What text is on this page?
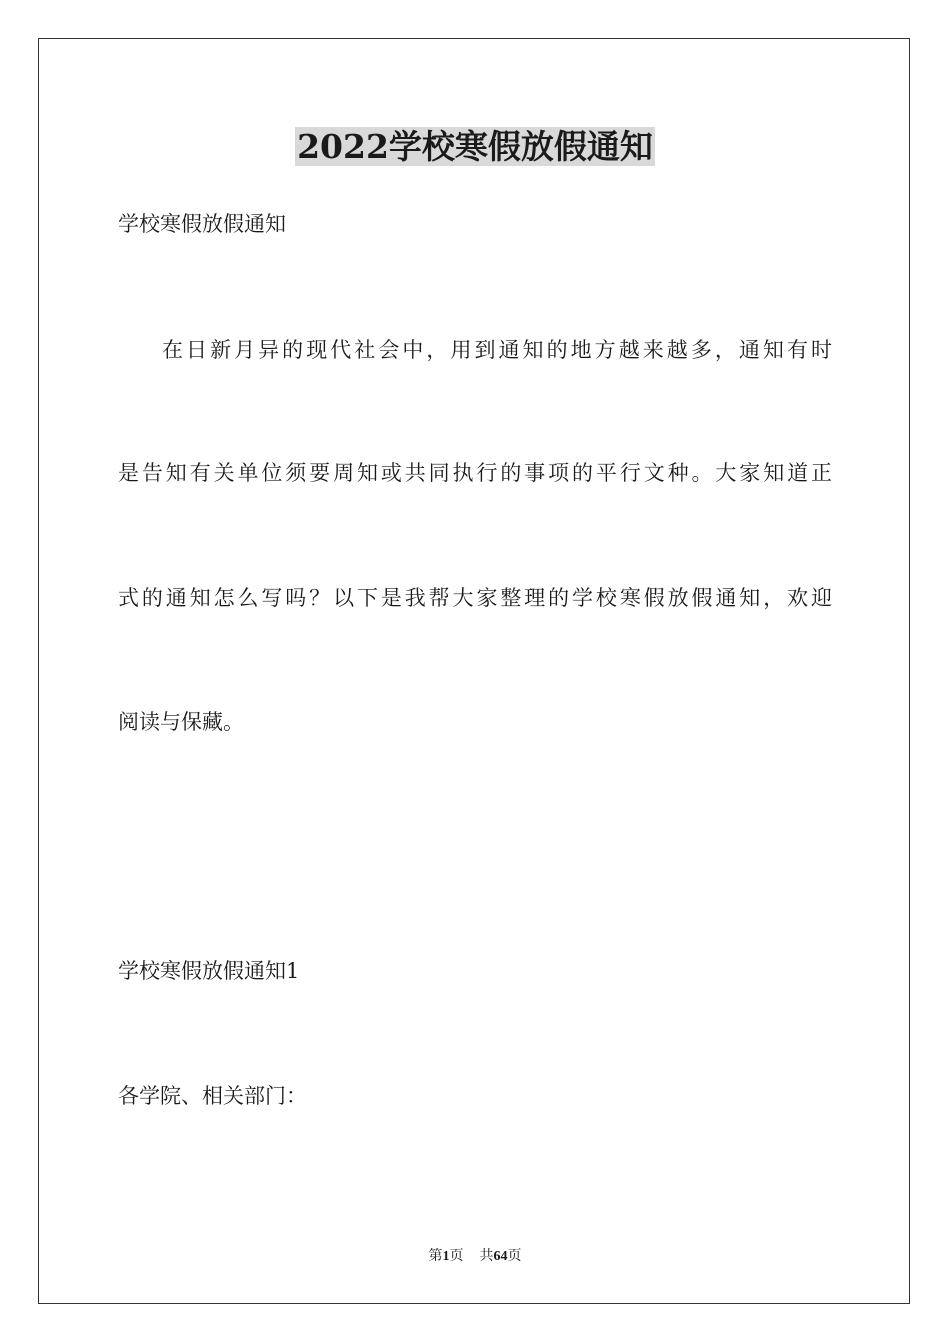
2022学校寒假放假通知
学校寒假放假通知
在日新月异的现代社会中，用到通知的地方越来越多，通知有时
是告知有关单位须要周知或共同执行的事项的平行文种。大家知道正
式的通知怎么写吗？以下是我帮大家整理的学校寒假放假通知，欢迎
阅读与保藏。
学校寒假放假通知1
各学院、相关部门：
第1页 共64页
